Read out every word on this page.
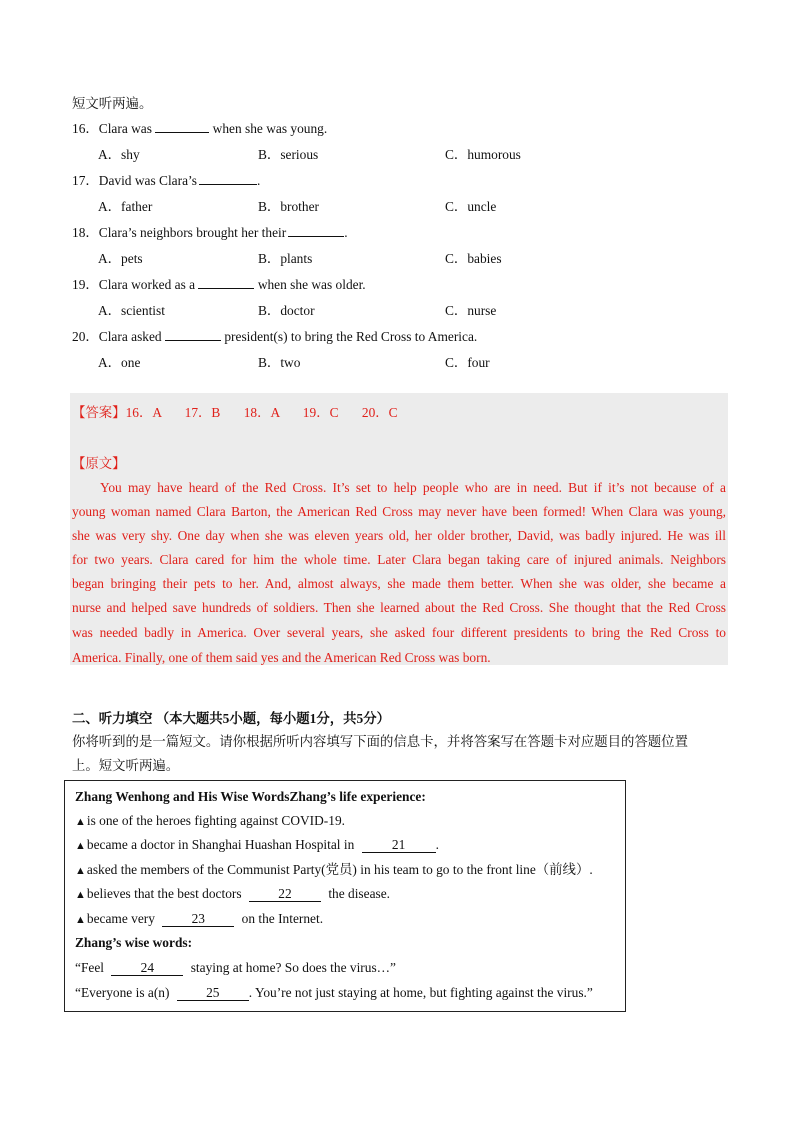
短文听两遍。
16．Clara was	when she was young.
A．shy	B．serious	C．humorous
17．David was Clara’s	.
A．father	B．brother	C．uncle
18．Clara’s neighbors brought her their	.
A．pets	B．plants	C．babies
19．Clara worked as a	when she was older.
A．scientist	B．doctor	C．nurse
20．Clara asked	president(s) to bring the Red Cross to America.
A．one	B．two	C．four
【答案】16．A 17．B 18．A 19．C 20．C
【原文】
You may have heard of the Red Cross. It’s set to help people who are in need. But if it’s not because of a
young woman named Clara Barton, the American Red Cross may never have been formed! When Clara was young,
she was very shy. One day when she was eleven years old, her older brother, David, was badly injured. He was ill
for two years. Clara cared for him the whole time. Later Clara began taking care of injured animals. Neighbors
began bringing their pets to her. And, almost always, she made them better. When she was older, she became a
nurse and helped save hundreds of soldiers. Then she learned about the Red Cross. She thought that the Red Cross
was needed badly in America. Over several years, she asked four different presidents to bring the Red Cross to
America. Finally, one of them said yes and the American Red Cross was born.
二、听力填空 （本大题共5小题，每小题1分，共5分）
你将听到的是一篇短文。请你根据所听内容填写下面的信息卡，并将答案写在答题卡对应题目的答题位置
上。短文听两遍。
Zhang Wenhong and His Wise WordsZhang’s life experience:
▲is one of the heroes fighting against COVID-19.
▲became a doctor in Shanghai Huashan Hospital in	21 .
▲asked the members of the Communist Party(党员) in his team to go to the front line（前线）.
▲believes that the best doctors	22	the disease.
▲became very	23	on the Internet.
Zhang’s wise words:
“Feel	24	staying at home? So does the virus…”
“Everyone is a(n)	25 . You’re not just staying at home, but fighting against the virus.”
